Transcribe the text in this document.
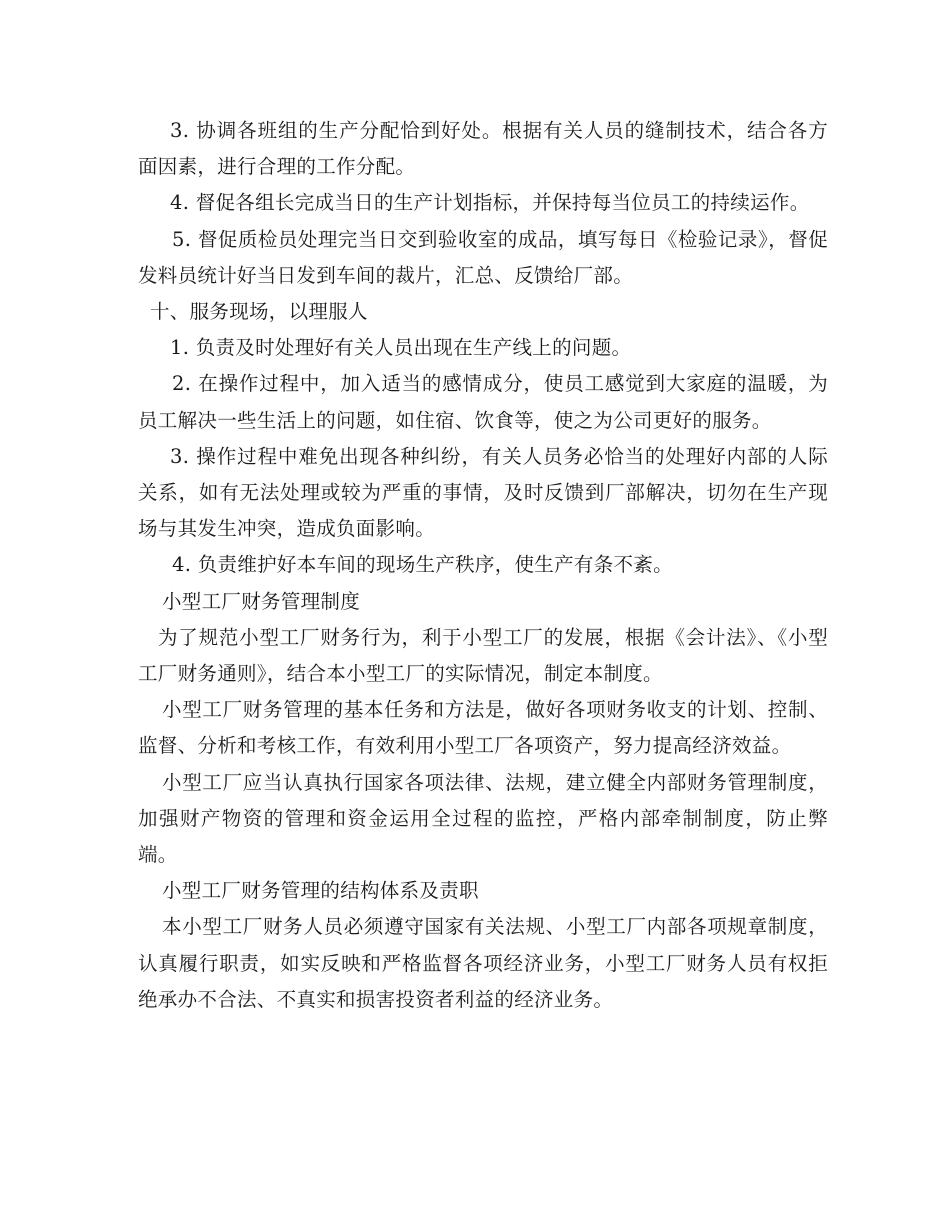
3. 协调各班组的生产分配恰到好处。根据有关人员的缝制技术，结合各方面因素，进行合理的工作分配。

4. 督促各组长完成当日的生产计划指标，并保持每当位员工的持续运作。

5. 督促质检员处理完当日交到验收室的成品，填写每日《检验记录》，督促发料员统计好当日发到车间的裁片，汇总、反馈给厂部。

十、服务现场，以理服人

1. 负责及时处理好有关人员出现在生产线上的问题。

2. 在操作过程中，加入适当的感情成分，使员工感觉到大家庭的温暖，为员工解决一些生活上的问题，如住宿、饮食等，使之为公司更好的服务。

3. 操作过程中难免出现各种纠纷，有关人员务必恰当的处理好内部的人际关系，如有无法处理或较为严重的事情，及时反馈到厂部解决，切勿在生产现场与其发生冲突，造成负面影响。

4. 负责维护好本车间的现场生产秩序，使生产有条不紊。

小型工厂财务管理制度

为了规范小型工厂财务行为，利于小型工厂的发展，根据《会计法》、《小型工厂财务通则》，结合本小型工厂的实际情况，制定本制度。

小型工厂财务管理的基本任务和方法是，做好各项财务收支的计划、控制、监督、分析和考核工作，有效利用小型工厂各项资产，努力提高经济效益。

小型工厂应当认真执行国家各项法律、法规，建立健全内部财务管理制度，加强财产物资的管理和资金运用全过程的监控，严格内部牵制制度，防止弊端。

小型工厂财务管理的结构体系及责职

本小型工厂财务人员必须遵守国家有关法规、小型工厂内部各项规章制度，认真履行职责，如实反映和严格监督各项经济业务，小型工厂财务人员有权拒绝承办不合法、不真实和损害投资者利益的经济业务。
